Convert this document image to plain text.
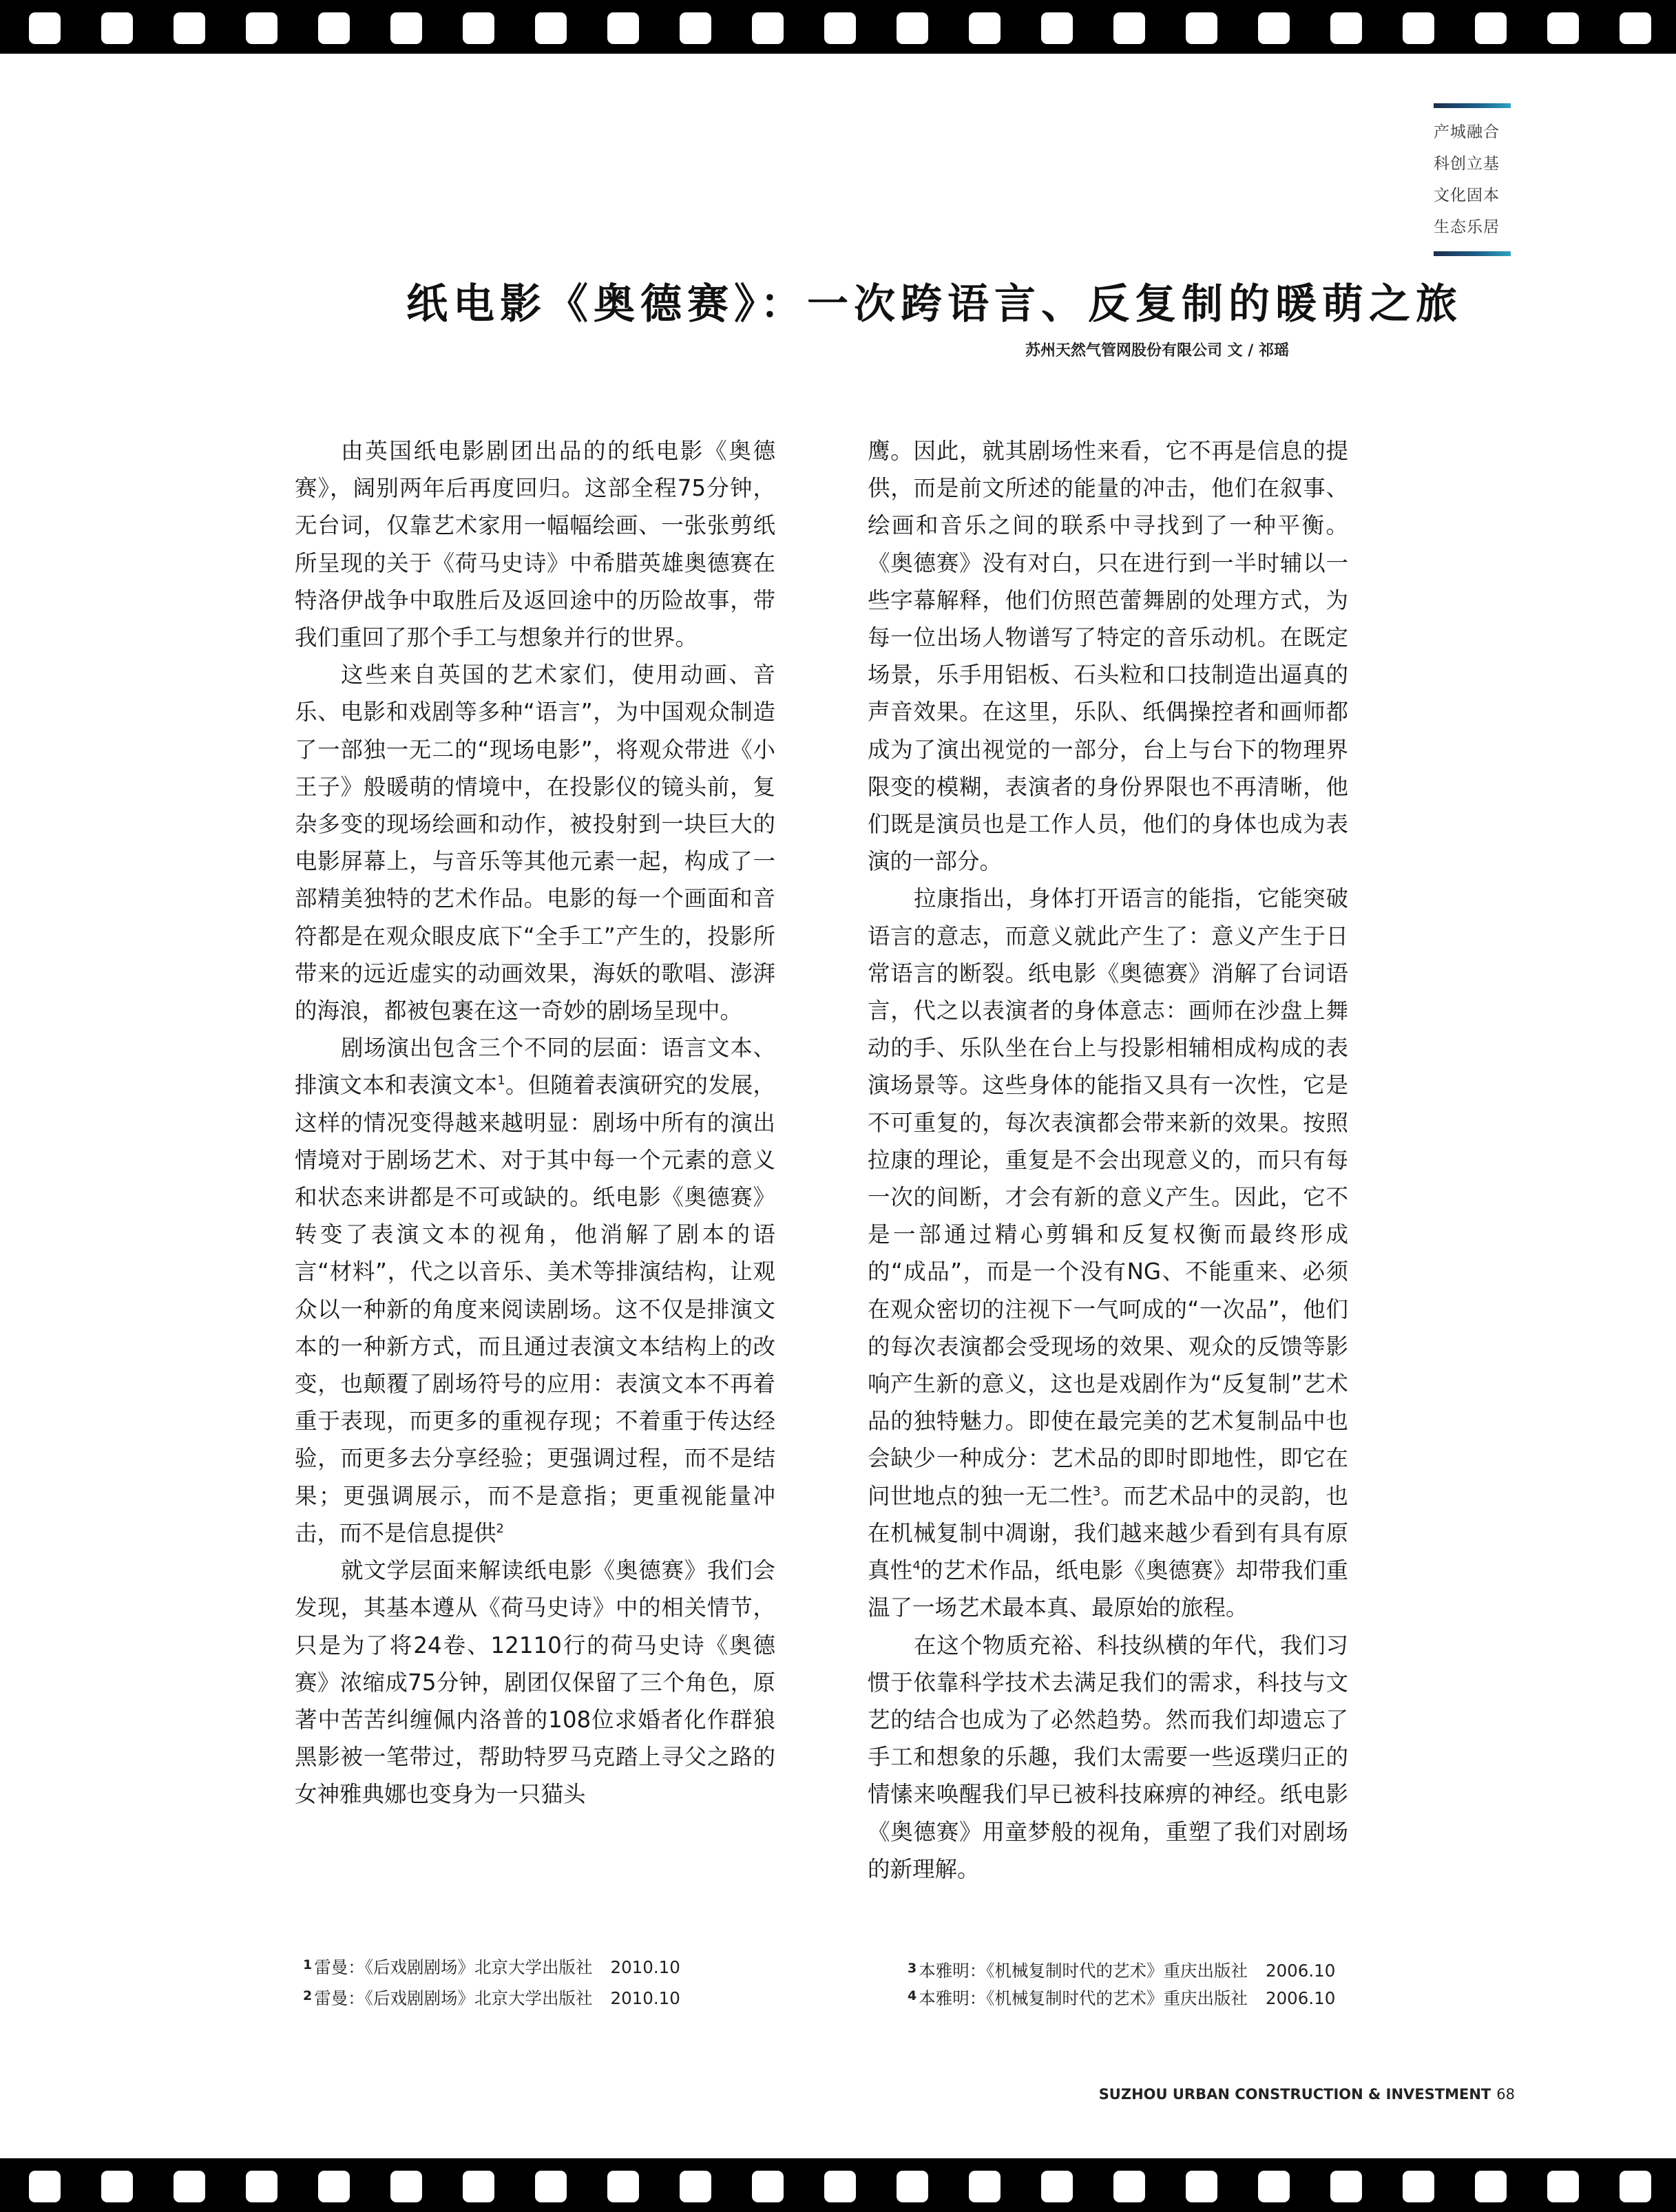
产城融合
科创立基
文化固本
生态乐居
纸电影《奥德赛》：一次跨语言、反复制的暖萌之旅
苏州天然气管网股份有限公司 文 / 祁瑶

由英国纸电影剧团出品的的纸电影《奥德赛》，阔别两年后再度回归。这部全程75分钟，无台词，仅靠艺术家用一幅幅绘画、一张张剪纸所呈现的关于《荷马史诗》中希腊英雄奥德赛在特洛伊战争中取胜后及返回途中的历险故事，带我们重回了那个手工与想象并行的世界。

这些来自英国的艺术家们，使用动画、音乐、电影和戏剧等多种“语言”，为中国观众制造了一部独一无二的“现场电影”，将观众带进《小王子》般暖萌的情境中，在投影仪的镜头前，复杂多变的现场绘画和动作，被投射到一块巨大的电影屏幕上，与音乐等其他元素一起，构成了一部精美独特的艺术作品。电影的每一个画面和音符都是在观众眼皮底下“全手工”产生的，投影所带来的远近虚实的动画效果，海妖的歌唱、澎湃的海浪，都被包裹在这一奇妙的剧场呈现中。

剧场演出包含三个不同的层面：语言文本、排演文本和表演文本$^1$。但随着表演研究的发展，这样的情况变得越来越明显：剧场中所有的演出情境对于剧场艺术、对于其中每一个元素的意义和状态来讲都是不可或缺的。纸电影《奥德赛》转变了表演文本的视角，他消解了剧本的语言“材料”，代之以音乐、美术等排演结构，让观众以一种新的角度来阅读剧场。这不仅是排演文本的一种新方式，而且通过表演文本结构上的改变，也颠覆了剧场符号的应用：表演文本不再着重于表现，而更多的重视存现；不着重于传达经验，而更多去分享经验；更强调过程，而不是结果；更强调展示，而不是意指；更重视能量冲击，而不是信息提供$^2$

就文学层面来解读纸电影《奥德赛》我们会发现，其基本遵从《荷马史诗》中的相关情节，只是为了将24卷、12110行的荷马史诗《奥德赛》浓缩成75分钟，剧团仅保留了三个角色，原著中苦苦纠缠佩内洛普的108位求婚者化作群狼黑影被一笔带过，帮助特罗马克踏上寻父之路的女神雅典娜也变身为一只猫头

鹰。因此，就其剧场性来看，它不再是信息的提供，而是前文所述的能量的冲击，他们在叙事、绘画和音乐之间的联系中寻找到了一种平衡。《奥德赛》没有对白，只在进行到一半时辅以一些字幕解释，他们仿照芭蕾舞剧的处理方式，为每一位出场人物谱写了特定的音乐动机。在既定场景，乐手用铝板、石头粒和口技制造出逼真的声音效果。在这里，乐队、纸偶操控者和画师都成为了演出视觉的一部分，台上与台下的物理界限变的模糊，表演者的身份界限也不再清晰，他们既是演员也是工作人员，他们的身体也成为表演的一部分。

拉康指出，身体打开语言的能指，它能突破语言的意志，而意义就此产生了：意义产生于日常语言的断裂。纸电影《奥德赛》消解了台词语言，代之以表演者的身体意志：画师在沙盘上舞动的手、乐队坐在台上与投影相辅相成构成的表演场景等。这些身体的能指又具有一次性，它是不可重复的，每次表演都会带来新的效果。按照拉康的理论，重复是不会出现意义的，而只有每一次的间断，才会有新的意义产生。因此，它不是一部通过精心剪辑和反复权衡而最终形成的“成品”，而是一个没有NG、不能重来、必须在观众密切的注视下一气呵成的“一次品”，他们的每次表演都会受现场的效果、观众的反馈等影响产生新的意义，这也是戏剧作为“反复制”艺术品的独特魅力。即使在最完美的艺术复制品中也会缺少一种成分：艺术品的即时即地性，即它在问世地点的独一无二性$^3$。而艺术品中的灵韵，也在机械复制中凋谢，我们越来越少看到有具有原真性$^4$的艺术作品，纸电影《奥德赛》却带我们重温了一场艺术最本真、最原始的旅程。

在这个物质充裕、科技纵横的年代，我们习惯于依靠科学技术去满足我们的需求，科技与文艺的结合也成为了必然趋势。然而我们却遗忘了手工和想象的乐趣，我们太需要一些返璞归正的情愫来唤醒我们早已被科技麻痹的神经。纸电影《奥德赛》用童梦般的视角，重塑了我们对剧场的新理解。

$^1$ 雷曼：《后戏剧剧场》北京大学出版社 2010.10
$^2$ 雷曼：《后戏剧剧场》北京大学出版社 2010.10
$^3$ 本雅明：《机械复制时代的艺术》重庆出版社 2006.10
$^4$ 本雅明：《机械复制时代的艺术》重庆出版社 2006.10
SUZHOU URBAN CONSTRUCTION & INVESTMENT 68
